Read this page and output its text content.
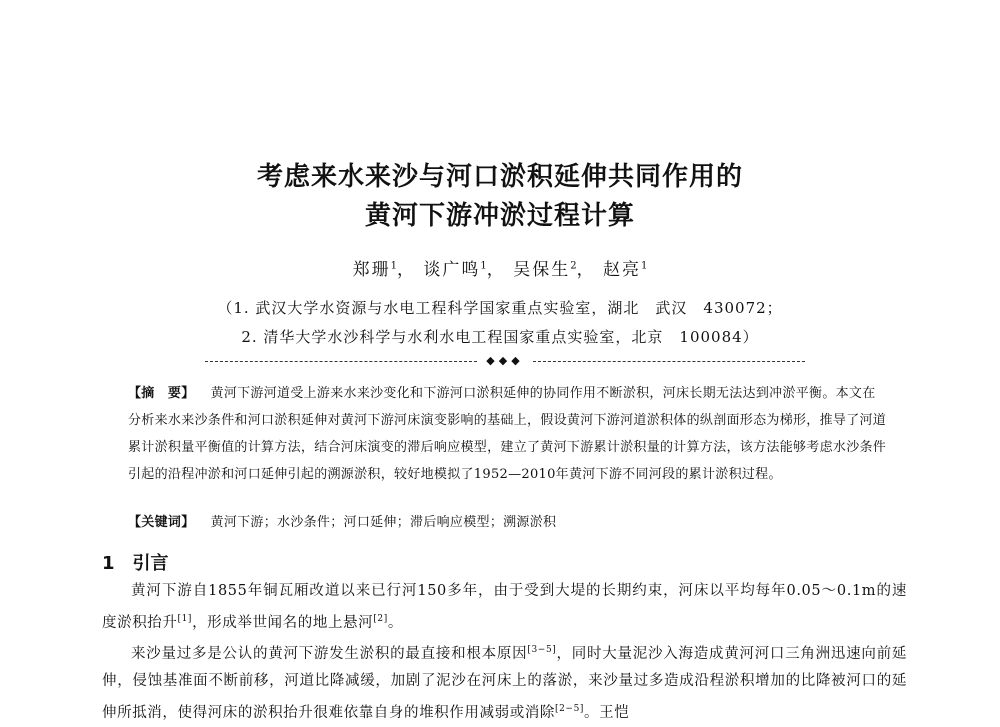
考虑来水来沙与河口淤积延伸共同作用的
黄河下游冲淤过程计算
郑珊$^1$， 谈广鸣$^1$， 吴保生$^2$， 赵亮$^1$
（1. 武汉大学水资源与水电工程科学国家重点实验室，湖北　武汉　430072；
2. 清华大学水沙科学与水利水电工程国家重点实验室，北京　100084）
◆◆◆
【摘　要】 黄河下游河道受上游来水来沙变化和下游河口淤积延伸的协同作用不断淤积，河床长期无法达到冲淤平衡。本文在分析来水来沙条件和河口淤积延伸对黄河下游河床演变影响的基础上，假设黄河下游河道淤积体的纵剖面形态为梯形，推导了河道累计淤积量平衡值的计算方法，结合河床演变的滞后响应模型，建立了黄河下游累计淤积量的计算方法，该方法能够考虑水沙条件引起的沿程冲淤和河口延伸引起的溯源淤积，较好地模拟了1952—2010年黄河下游不同河段的累计淤积过程。
【关键词】 黄河下游；水沙条件；河口延伸；滞后响应模型；溯源淤积
1 引言

黄河下游自1855年铜瓦厢改道以来已行河150多年，由于受到大堤的长期约束，河床以平均每年0.05～0.1m的速度淤积抬升[1]，形成举世闻名的地上悬河[2]。

来沙量过多是公认的黄河下游发生淤积的最直接和根本原因[3−5]，同时大量泥沙入海造成黄河河口三角洲迅速向前延伸，侵蚀基准面不断前移，河道比降减缓，加剧了泥沙在河床上的落淤，来沙量过多造成沿程淤积增加的比降被河口的延伸所抵消，使得河床的淤积抬升很难依靠自身的堆积作用减弱或消除[2−5]。王恺
